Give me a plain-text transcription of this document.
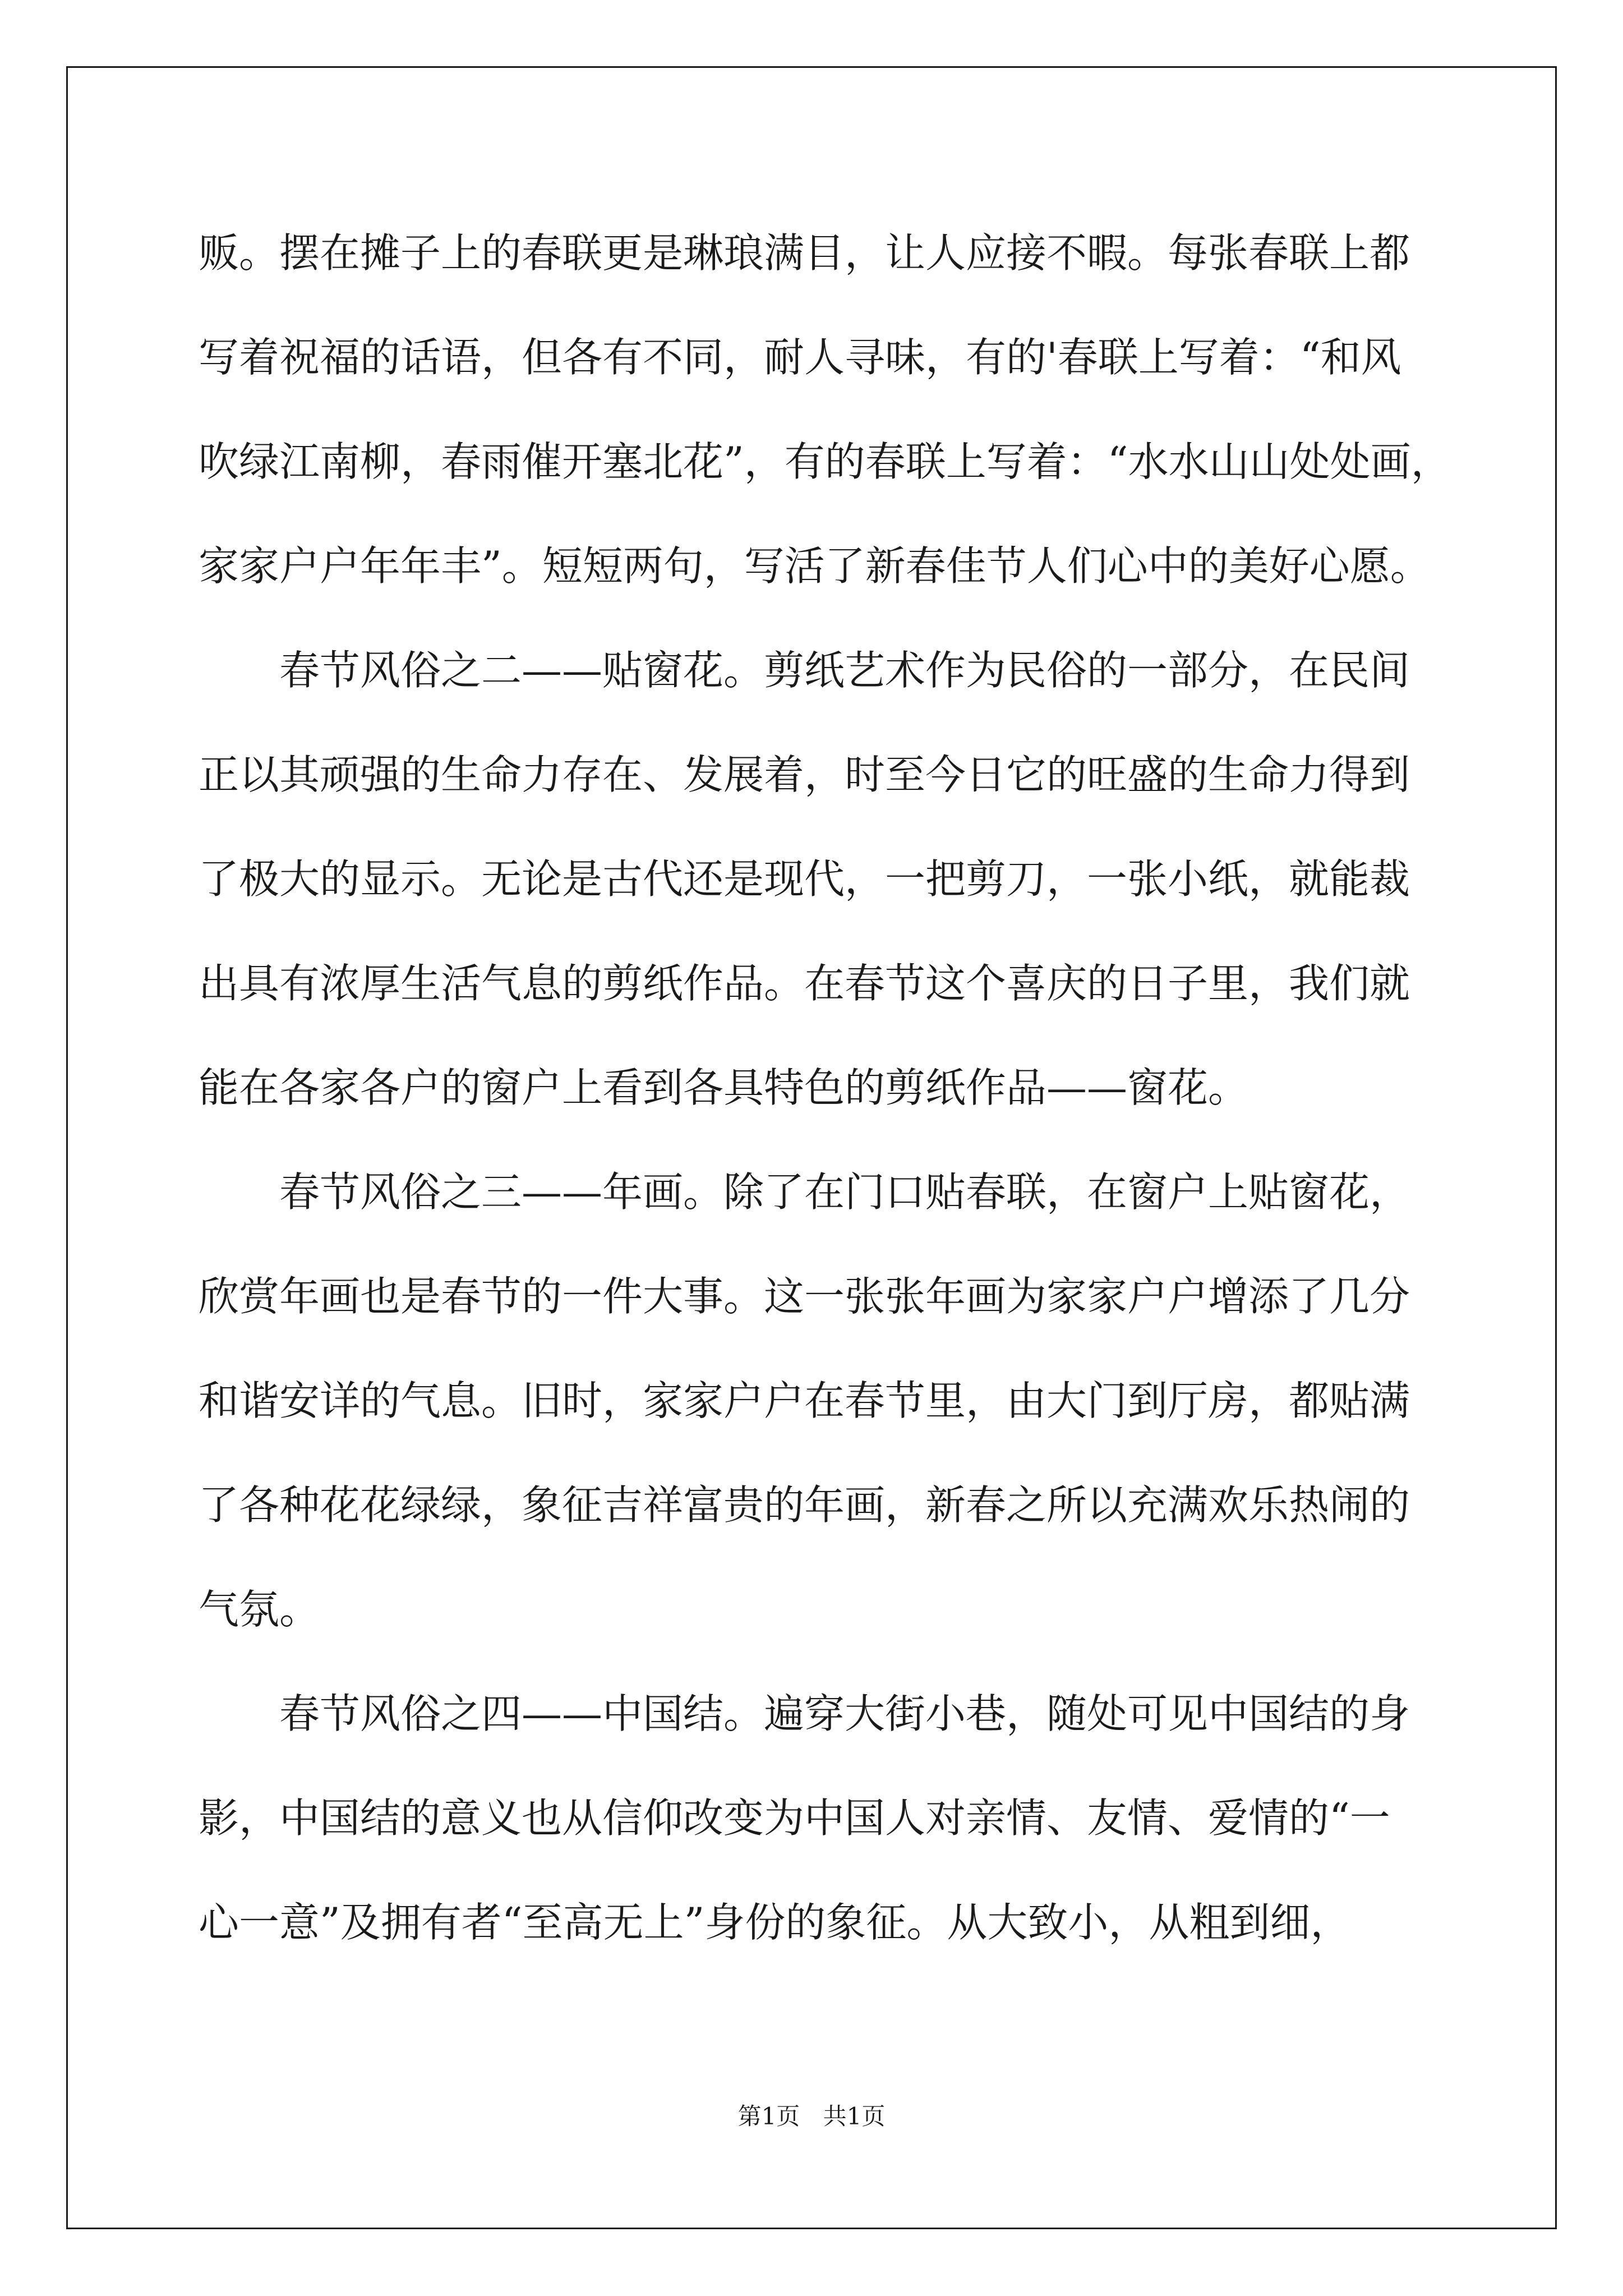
贩。摆在摊子上的春联更是琳琅满目，让人应接不暇。每张春联上都
写着祝福的话语，但各有不同，耐人寻味，有的'春联上写着：“和风
吹绿江南柳，春雨催开塞北花”，有的春联上写着：“水水山山处处画，
家家户户年年丰”。短短两句，写活了新春佳节人们心中的美好心愿。
春节风俗之二——贴窗花。剪纸艺术作为民俗的一部分，在民间
正以其顽强的生命力存在、发展着，时至今日它的旺盛的生命力得到
了极大的显示。无论是古代还是现代，一把剪刀，一张小纸，就能裁
出具有浓厚生活气息的剪纸作品。在春节这个喜庆的日子里，我们就
能在各家各户的窗户上看到各具特色的剪纸作品——窗花。
春节风俗之三——年画。除了在门口贴春联，在窗户上贴窗花，
欣赏年画也是春节的一件大事。这一张张年画为家家户户增添了几分
和谐安详的气息。旧时，家家户户在春节里，由大门到厅房，都贴满
了各种花花绿绿，象征吉祥富贵的年画，新春之所以充满欢乐热闹的
气氛。
春节风俗之四——中国结。遍穿大街小巷，随处可见中国结的身
影，中国结的意义也从信仰改变为中国人对亲情、友情、爱情的“一
心一意”及拥有者“至高无上”身份的象征。从大致小，从粗到细，
第1页 共1页
